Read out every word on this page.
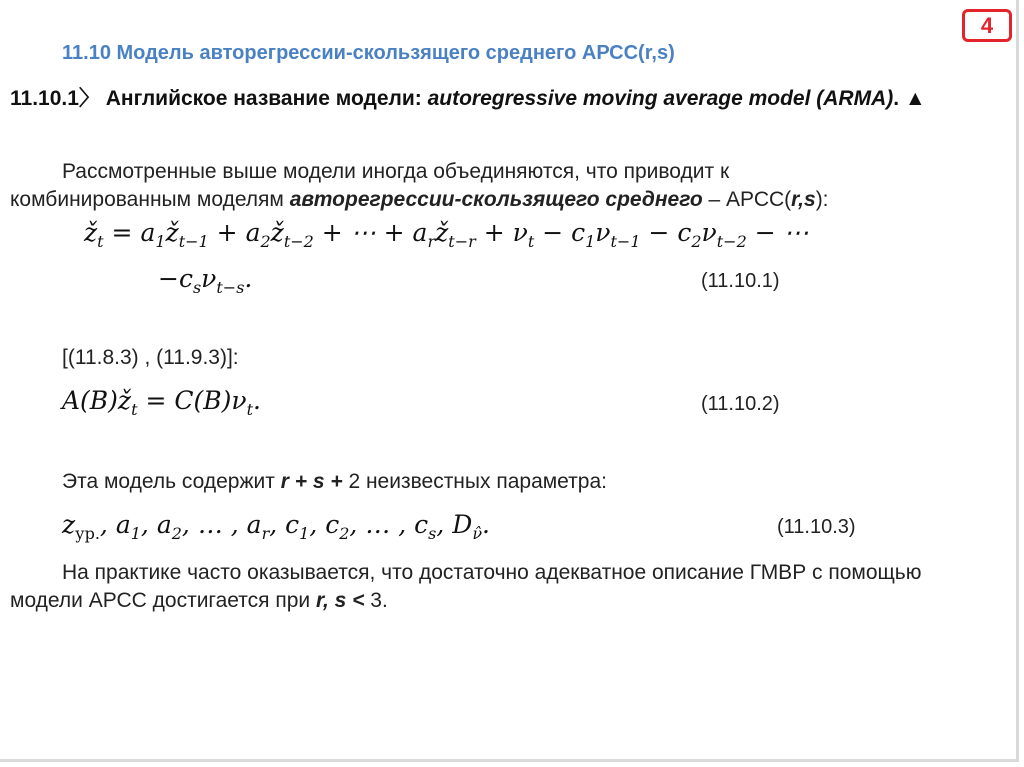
4
11.10 Модель авторегрессии-скользящего среднего АРСС(r,s)
11.10.1〉 Английское название модели: autoregressive moving average model (ARMA). ▲
Рассмотренные выше модели иногда объединяются, что приводит к
комбинированным моделям авторегрессии-скользящего среднего – АРСС(r,s):
$ž_t$ = $a_1ž_{t-1}$ + $a_2ž_{t-2}$ + ⋯ + $a_rž_{t-r} + \nu_t - c_1\nu_{t-1} - c_2\nu_{t-2}$ − ⋯
$-c_s\nu_{t-s}$.	(11.10.1)
[(11.8.3) , (11.9.3)]:
$A(B)ž_t = C(B)\nu_t$.	(11.10.2)
Эта модель содержит r + s + 2 неизвестных параметра:
$z_{ур.}$, $a_1$, $a_2$, … , $a_r$, $c_1$, $c_2$, … , $c_s$, $D_{\nû}$.	(11.10.3)
На практике часто оказывается, что достаточно адекватное описание ГМВР с помощью
модели АРСС достигается при r, s < 3.
